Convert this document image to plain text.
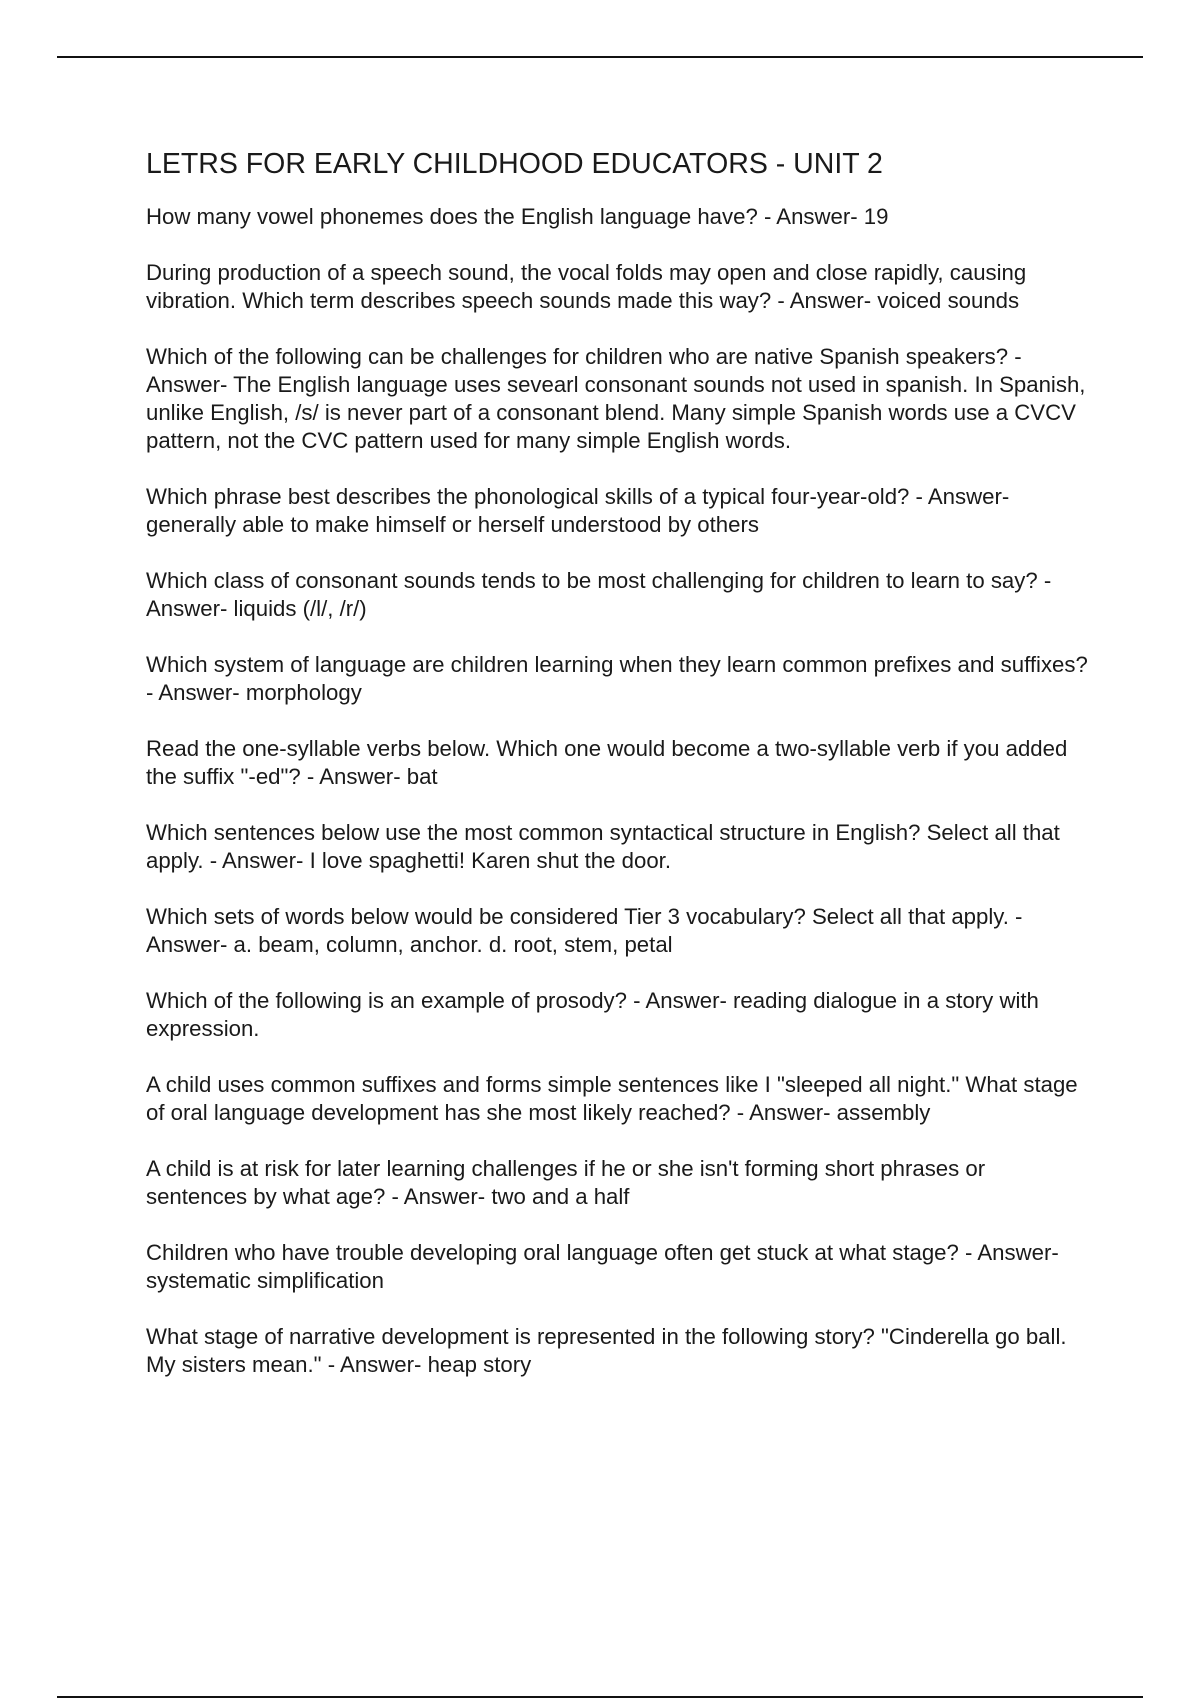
LETRS FOR EARLY CHILDHOOD EDUCATORS - UNIT 2

How many vowel phonemes does the English language have? - Answer- 19

During production of a speech sound, the vocal folds may open and close rapidly, causing vibration. Which term describes speech sounds made this way? - Answer- voiced sounds

Which of the following can be challenges for children who are native Spanish speakers? - Answer- The English language uses sevearl consonant sounds not used in spanish. In Spanish, unlike English, /s/ is never part of a consonant blend. Many simple Spanish words use a CVCV pattern, not the CVC pattern used for many simple English words.

Which phrase best describes the phonological skills of a typical four-year-old? - Answer- generally able to make himself or herself understood by others

Which class of consonant sounds tends to be most challenging for children to learn to say? - Answer- liquids (/l/, /r/)

Which system of language are children learning when they learn common prefixes and suffixes? - Answer- morphology

Read the one-syllable verbs below. Which one would become a two-syllable verb if you added the suffix "-ed"? - Answer- bat

Which sentences below use the most common syntactical structure in English? Select all that apply. - Answer- I love spaghetti! Karen shut the door.

Which sets of words below would be considered Tier 3 vocabulary? Select all that apply. - Answer- a. beam, column, anchor. d. root, stem, petal

Which of the following is an example of prosody? - Answer- reading dialogue in a story with expression.

A child uses common suffixes and forms simple sentences like I "sleeped all night." What stage of oral language development has she most likely reached? - Answer- assembly

A child is at risk for later learning challenges if he or she isn't forming short phrases or sentences by what age? - Answer- two and a half

Children who have trouble developing oral language often get stuck at what stage? - Answer- systematic simplification

What stage of narrative development is represented in the following story? "Cinderella go ball. My sisters mean." - Answer- heap story
